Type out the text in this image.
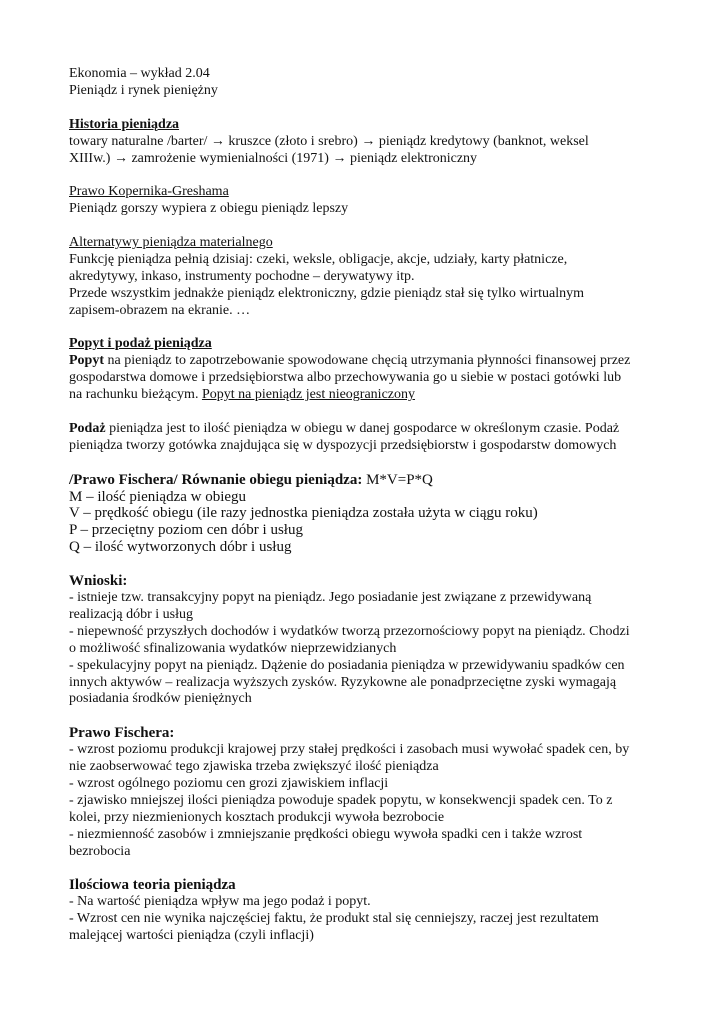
Ekonomia – wykład 2.04
Pieniądz i rynek pieniężny
Historia pieniądza
towary naturalne /barter/ → kruszce (złoto i srebro) → pieniądz kredytowy (banknot, weksel
XIIIw.) → zamrożenie wymienialności (1971) → pieniądz elektroniczny
Prawo Kopernika-Greshama
Pieniądz gorszy wypiera z obiegu pieniądz lepszy
Alternatywy pieniądza materialnego
Funkcję pieniądza pełnią dzisiaj: czeki, weksle, obligacje, akcje, udziały, karty płatnicze,
akredytywy, inkaso, instrumenty pochodne – derywatywy itp.
Przede wszystkim jednakże pieniądz elektroniczny, gdzie pieniądz stał się tylko wirtualnym
zapisem-obrazem na ekranie. …
Popyt i podaż pieniądza
Popyt na pieniądz to zapotrzebowanie spowodowane chęcią utrzymania płynności finansowej przez
gospodarstwa domowe i przedsiębiorstwa albo przechowywania go u siebie w postaci gotówki lub
na rachunku bieżącym. Popyt na pieniądz jest nieograniczony
Podaż pieniądza jest to ilość pieniądza w obiegu w danej gospodarce w określonym czasie. Podaż
pieniądza tworzy gotówka znajdująca się w dyspozycji przedsiębiorstw i gospodarstw domowych
/Prawo Fischera/ Równanie obiegu pieniądza: M*V=P*Q
M – ilość pieniądza w obiegu
V – prędkość obiegu (ile razy jednostka pieniądza została użyta w ciągu roku)
P – przeciętny poziom cen dóbr i usług
Q – ilość wytworzonych dóbr i usług
Wnioski:
- istnieje tzw. transakcyjny popyt na pieniądz. Jego posiadanie jest związane z przewidywaną
realizacją dóbr i usług
- niepewność przyszłych dochodów i wydatków tworzą przezornościowy popyt na pieniądz. Chodzi
o możliwość sfinalizowania wydatków nieprzewidzianych
- spekulacyjny popyt na pieniądz. Dążenie do posiadania pieniądza w przewidywaniu spadków cen
innych aktywów – realizacja wyższych zysków. Ryzykowne ale ponadprzeciętne zyski wymagają
posiadania środków pieniężnych
Prawo Fischera:
- wzrost poziomu produkcji krajowej przy stałej prędkości i zasobach musi wywołać spadek cen, by
nie zaobserwować tego zjawiska trzeba zwiększyć ilość pieniądza
- wzrost ogólnego poziomu cen grozi zjawiskiem inflacji
- zjawisko mniejszej ilości pieniądza powoduje spadek popytu, w konsekwencji spadek cen. To z
kolei, przy niezmienionych kosztach produkcji wywoła bezrobocie
- niezmienność zasobów i zmniejszanie prędkości obiegu wywoła spadki cen i także wzrost
bezrobocia
Ilościowa teoria pieniądza
- Na wartość pieniądza wpływ ma jego podaż i popyt.
- Wzrost cen nie wynika najczęściej faktu, że produkt stal się cenniejszy, raczej jest rezultatem
malejącej wartości pieniądza (czyli inflacji)
